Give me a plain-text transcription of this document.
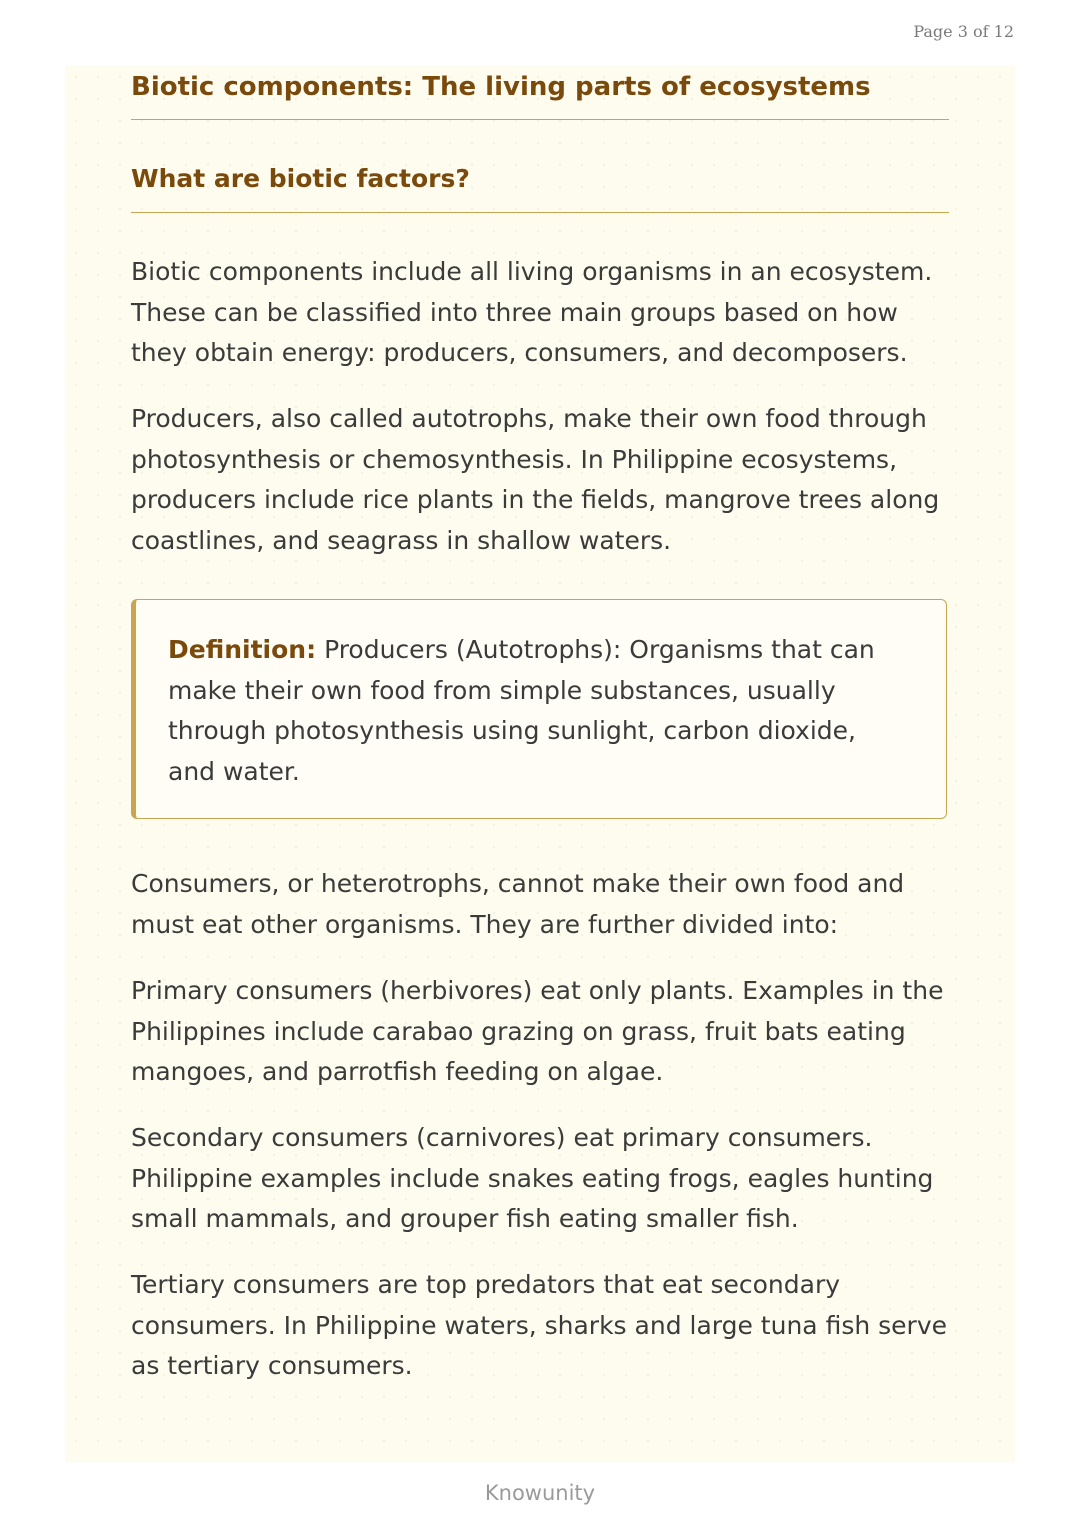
Page 3 of 12
Biotic components: The living parts of ecosystems
What are biotic factors?

Biotic components include all living organisms in an ecosystem. These can be classified into three main groups based on how they obtain energy: producers, consumers, and decomposers.

Producers, also called autotrophs, make their own food through photosynthesis or chemosynthesis. In Philippine ecosystems, producers include rice plants in the fields, mangrove trees along coastlines, and seagrass in shallow waters.

Definition: Producers (Autotrophs): Organisms that can make their own food from simple substances, usually through photosynthesis using sunlight, carbon dioxide, and water.

Consumers, or heterotrophs, cannot make their own food and must eat other organisms. They are further divided into:

Primary consumers (herbivores) eat only plants. Examples in the Philippines include carabao grazing on grass, fruit bats eating mangoes, and parrotfish feeding on algae.

Secondary consumers (carnivores) eat primary consumers. Philippine examples include snakes eating frogs, eagles hunting small mammals, and grouper fish eating smaller fish.

Tertiary consumers are top predators that eat secondary consumers. In Philippine waters, sharks and large tuna fish serve as tertiary consumers.

Knowunity
